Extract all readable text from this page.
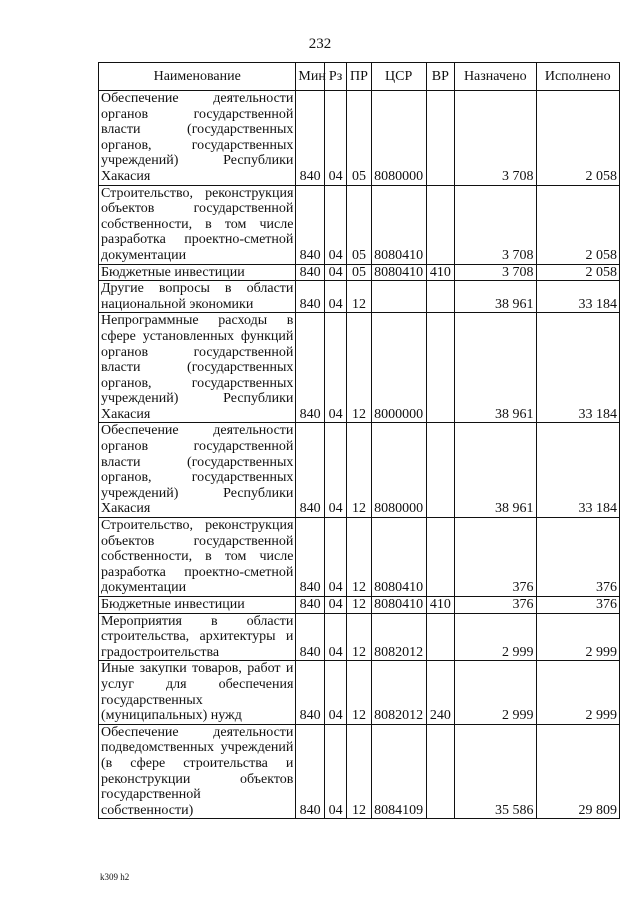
232
Наименование	Мин	Рз	ПР	ЦСР	ВР	Назначено	Исполнено
Обеспечение деятельности органов государственной власти (государственных органов, государственных учреждений) Республики Хакасия	840	04	05	8080000		3 708	2 058
Строительство, реконструкция объектов государственной собственности, в том числе разработка проектно-сметной документации	840	04	05	8080410		3 708	2 058
Бюджетные инвестиции	840	04	05	8080410	410	3 708	2 058
Другие вопросы в области национальной экономики	840	04	12			38 961	33 184
Непрограммные расходы в сфере установленных функций органов государственной власти (государственных органов, государственных учреждений) Республики Хакасия	840	04	12	8000000		38 961	33 184
Обеспечение деятельности органов государственной власти (государственных органов, государственных учреждений) Республики Хакасия	840	04	12	8080000		38 961	33 184
Строительство, реконструкция объектов государственной собственности, в том числе разработка проектно-сметной документации	840	04	12	8080410		376	376
Бюджетные инвестиции	840	04	12	8080410	410	376	376
Мероприятия в области строительства, архитектуры и градостроительства	840	04	12	8082012		2 999	2 999
Иные закупки товаров, работ и услуг для обеспечения государственных (муниципальных) нужд	840	04	12	8082012	240	2 999	2 999
Обеспечение деятельности подведомственных учреждений (в сфере строительства и реконструкции объектов государственной собственности)	840	04	12	8084109		35 586	29 809
k309 h2
